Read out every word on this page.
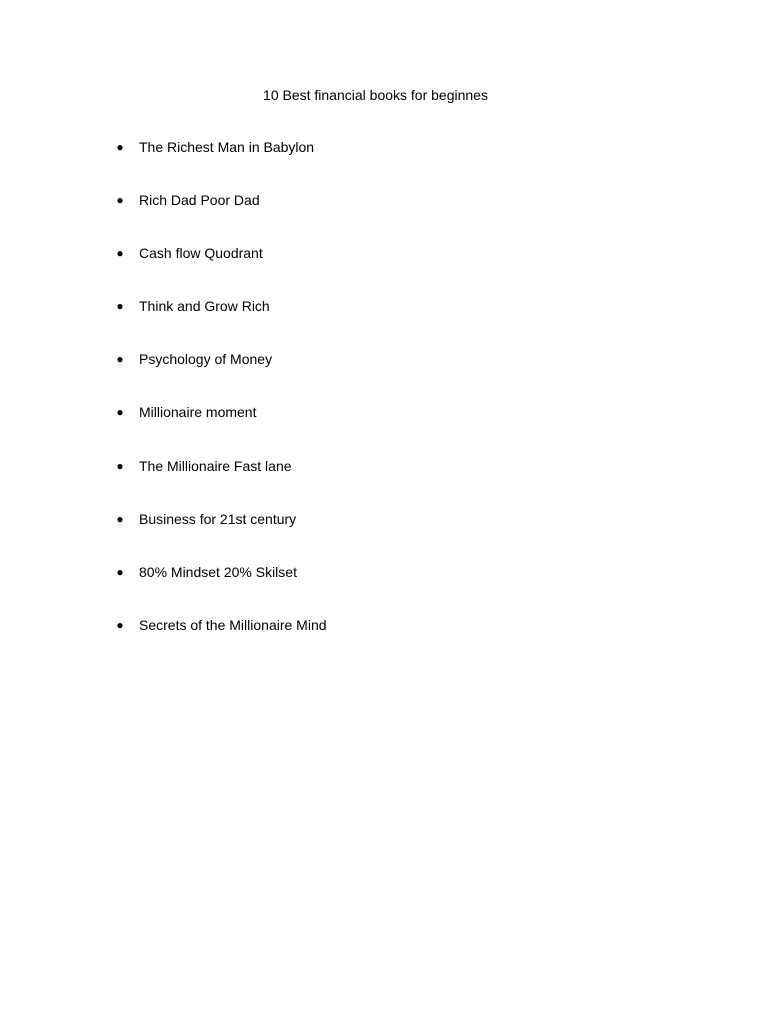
10 Best financial books for beginnes
●
The Richest Man in Babylon
●
Rich Dad Poor Dad
●
Cash flow Quodrant
●
Think and Grow Rich
●
Psychology of Money
●
Millionaire moment
●
The Millionaire Fast lane
●
Business for 21st century
●
80% Mindset 20% Skilset
●
Secrets of the Millionaire Mind
